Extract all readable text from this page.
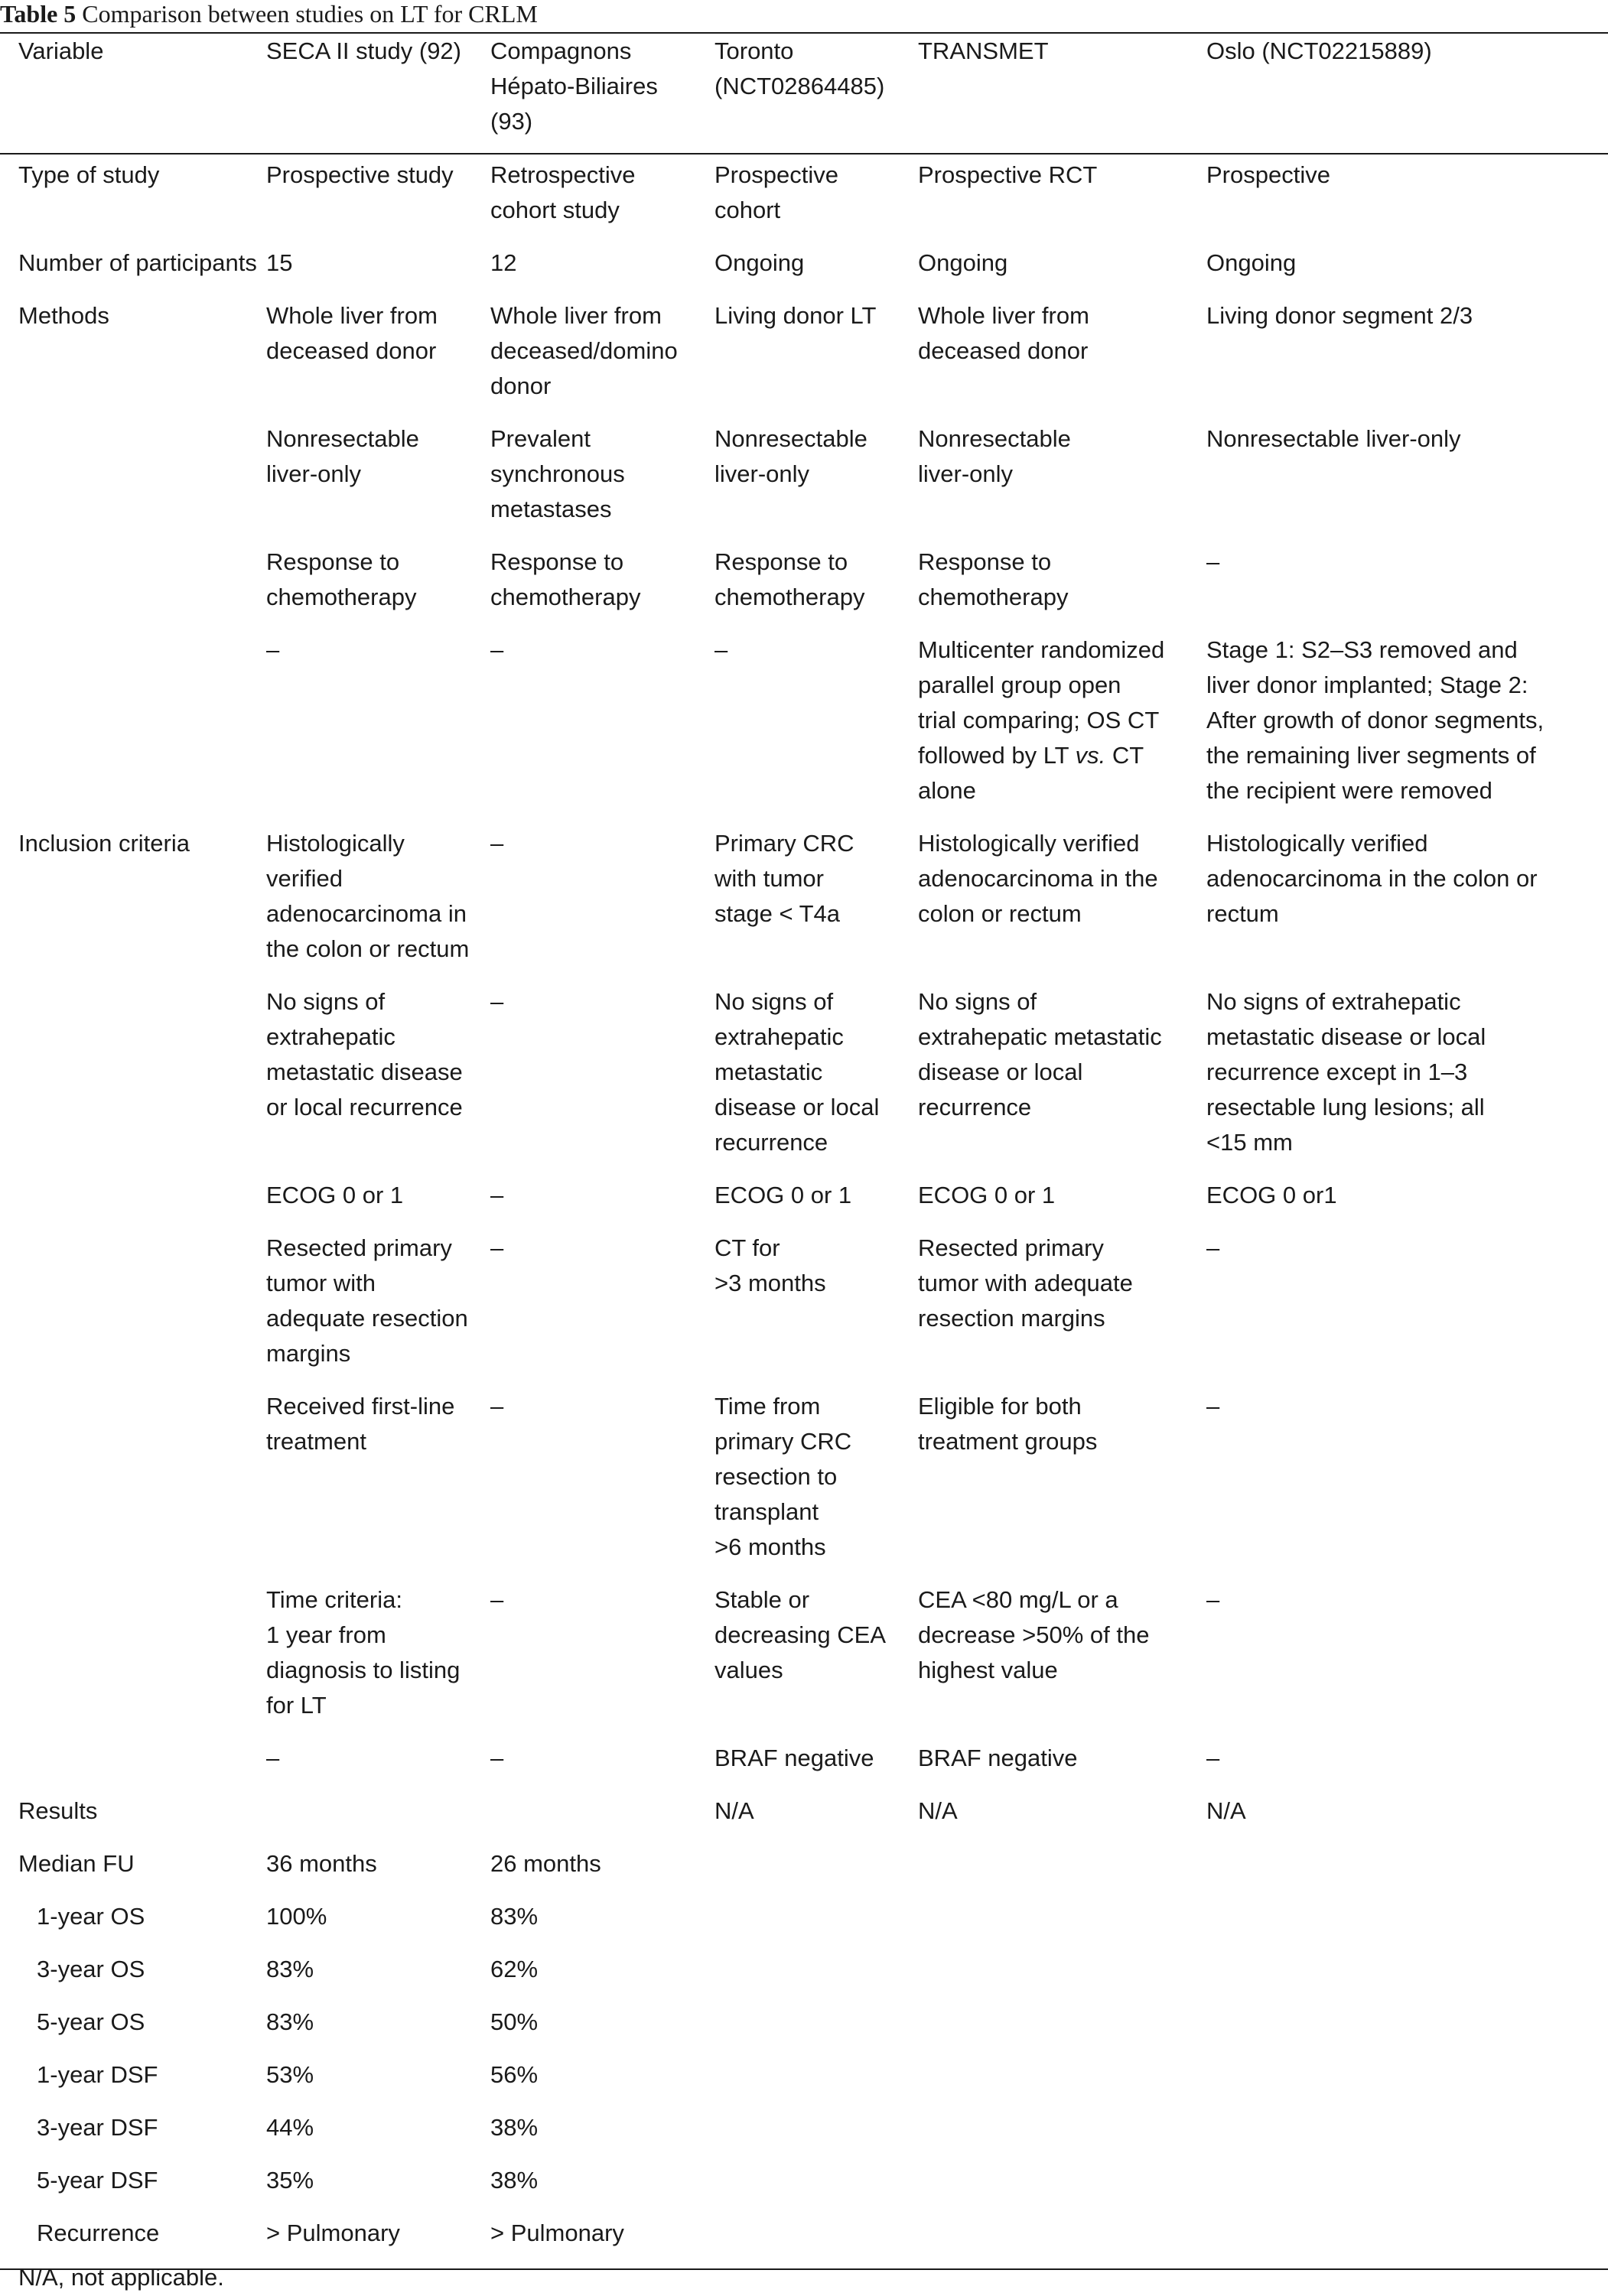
Table 5 Comparison between studies on LT for CRLM
Variable	SECA II study (92)	Compagnons
Hépato-Biliaires
(93)	Toronto
(NCT02864485)	TRANSMET	Oslo (NCT02215889)

Type of study	Prospective study	Retrospective
cohort study	Prospective
cohort	Prospective RCT	Prospective

Number of participants	15	12	Ongoing	Ongoing	Ongoing

Methods	Whole liver from
deceased donor	Whole liver from
deceased/domino
donor	Living donor LT	Whole liver from
deceased donor	Living donor segment 2/3

	Nonresectable
liver-only	Prevalent
synchronous
metastases	Nonresectable
liver-only	Nonresectable
liver-only	Nonresectable liver-only

	Response to
chemotherapy	Response to
chemotherapy	Response to
chemotherapy	Response to
chemotherapy	–

	–	–	–	Multicenter randomized
parallel group open
trial comparing; OS CT
followed by LT vs. CT
alone	Stage 1: S2–S3 removed and
liver donor implanted; Stage 2:
After growth of donor segments,
the remaining liver segments of
the recipient were removed

Inclusion criteria	Histologically
verified
adenocarcinoma in
the colon or rectum	–	Primary CRC
with tumor
stage < T4a	Histologically verified
adenocarcinoma in the
colon or rectum	Histologically verified
adenocarcinoma in the colon or
rectum

	No signs of
extrahepatic
metastatic disease
or local recurrence	–	No signs of
extrahepatic
metastatic
disease or local
recurrence	No signs of
extrahepatic metastatic
disease or local
recurrence	No signs of extrahepatic
metastatic disease or local
recurrence except in 1–3
resectable lung lesions; all
<15 mm

	ECOG 0 or 1	–	ECOG 0 or 1	ECOG 0 or 1	ECOG 0 or1

	Resected primary
tumor with
adequate resection
margins	–	CT for
>3 months	Resected primary
tumor with adequate
resection margins	–

	Received first-line
treatment	–	Time from
primary CRC
resection to
transplant
>6 months	Eligible for both
treatment groups	–

	Time criteria:
1 year from
diagnosis to listing
for LT	–	Stable or
decreasing CEA
values	CEA <80 mg/L or a
decrease >50% of the
highest value	–

	–	–	BRAF negative	BRAF negative	–

Results			N/A	N/A	N/A

Median FU	36 months	26 months			

1-year OS	100%	83%			

3-year OS	83%	62%			

5-year OS	83%	50%			

1-year DSF	53%	56%			

3-year DSF	44%	38%			

5-year DSF	35%	38%			

Recurrence	> Pulmonary	> Pulmonary			

N/A, not applicable.
